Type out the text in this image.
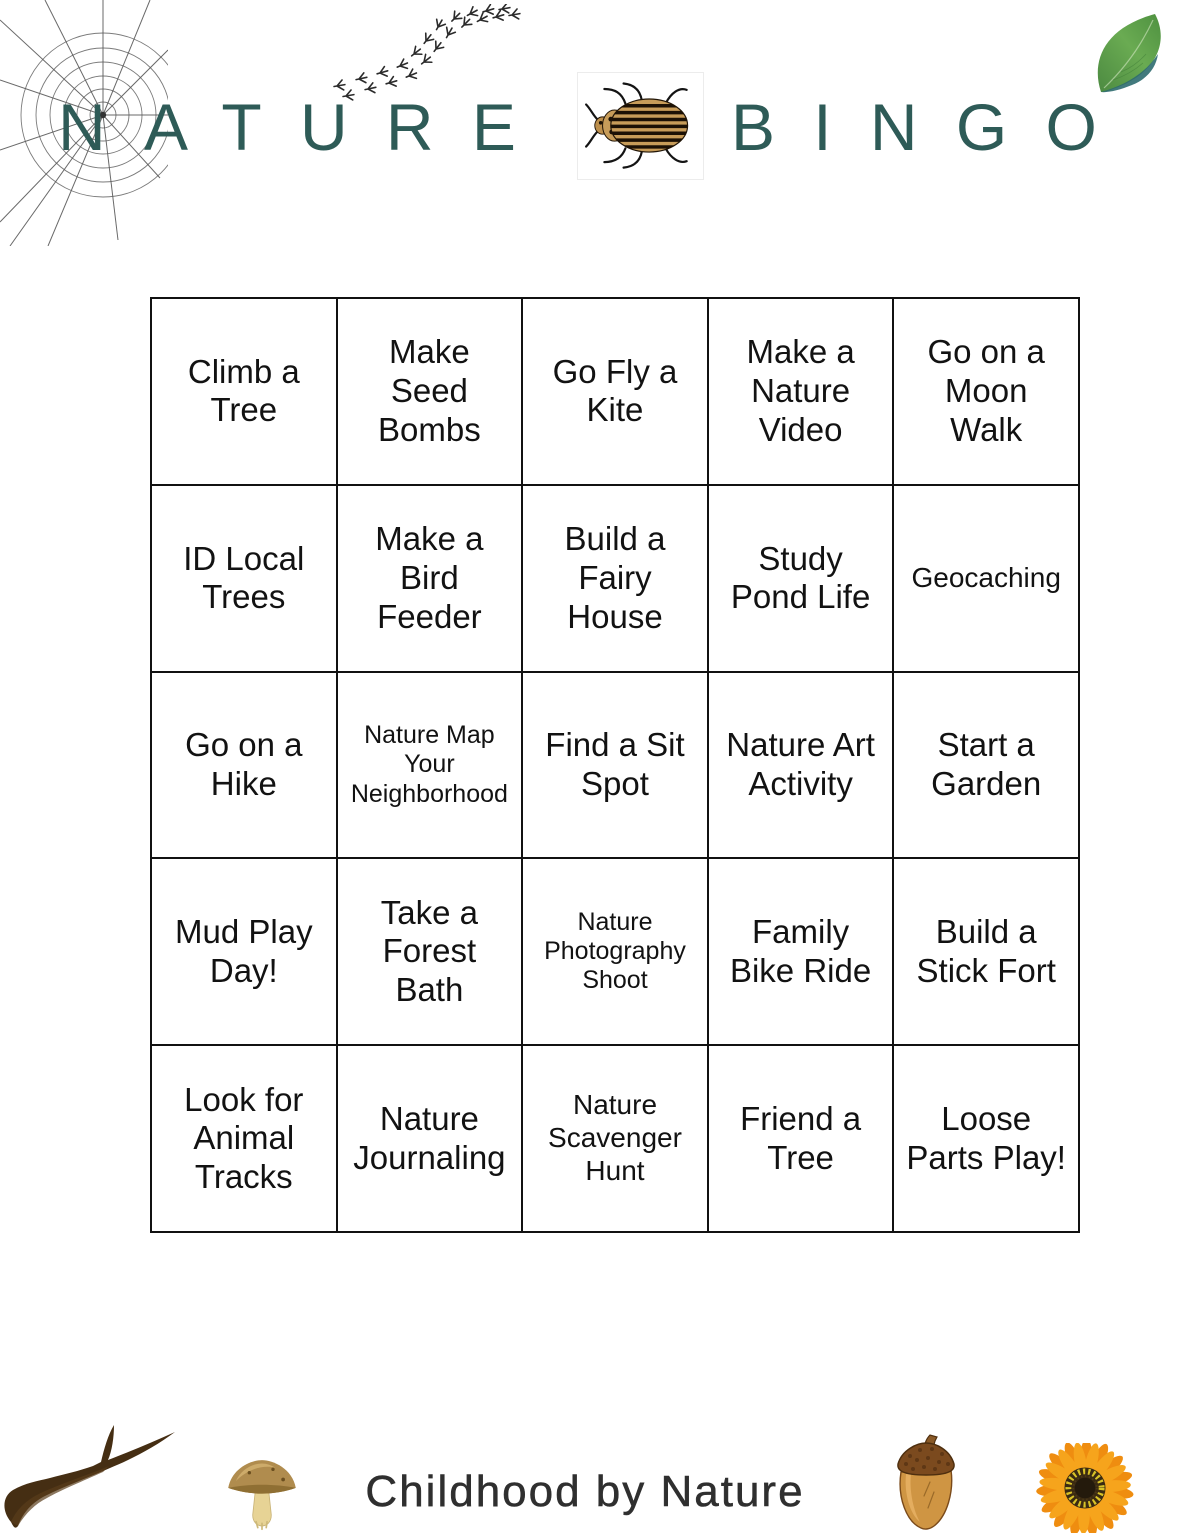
NATURE	BINGO
Climb a Tree
Make Seed Bombs
Go Fly a Kite
Make a Nature Video
Go on a Moon Walk
ID Local Trees
Make a Bird Feeder
Build a Fairy House
Study Pond Life
Geocaching
Go on a Hike
Nature Map Your Neighborhood
Find a Sit Spot
Nature Art Activity
Start a Garden
Mud Play Day!
Take a Forest Bath
Nature Photography Shoot
Family Bike Ride
Build a Stick Fort
Look for Animal Tracks
Nature Journaling
Nature Scavenger Hunt
Friend a Tree
Loose Parts Play!
Childhood by Nature
